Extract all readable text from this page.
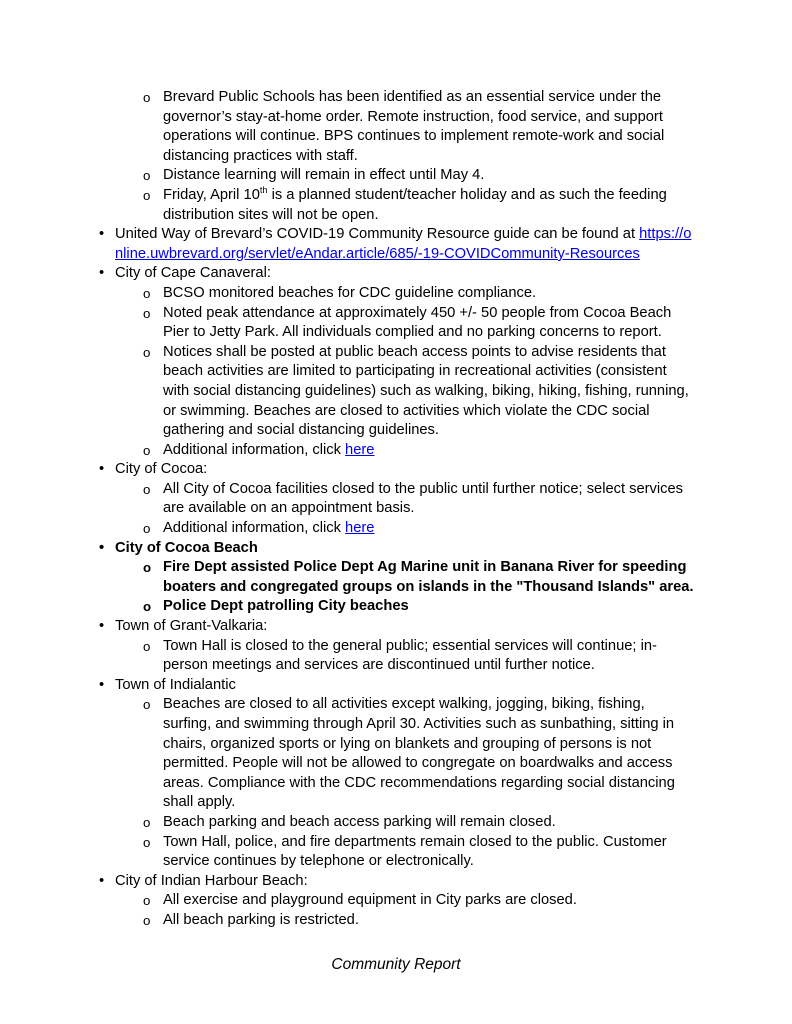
o Brevard Public Schools has been identified as an essential service under the governor’s stay-at-home order. Remote instruction, food service, and support operations will continue. BPS continues to implement remote-work and social distancing practices with staff.
o Distance learning will remain in effect until May 4.
o Friday, April 10th is a planned student/teacher holiday and as such the feeding distribution sites will not be open.
• United Way of Brevard’s COVID-19 Community Resource guide can be found at https://online.uwbrevard.org/servlet/eAndar.article/685/-19-COVIDCommunity-Resources
• City of Cape Canaveral:
o BCSO monitored beaches for CDC guideline compliance.
o Noted peak attendance at approximately 450 +/- 50 people from Cocoa Beach Pier to Jetty Park. All individuals complied and no parking concerns to report.
o Notices shall be posted at public beach access points to advise residents that beach activities are limited to participating in recreational activities (consistent with social distancing guidelines) such as walking, biking, hiking, fishing, running, or swimming. Beaches are closed to activities which violate the CDC social gathering and social distancing guidelines.
o Additional information, click here
• City of Cocoa:
o All City of Cocoa facilities closed to the public until further notice; select services are available on an appointment basis.
o Additional information, click here
• City of Cocoa Beach
o Fire Dept assisted Police Dept Ag Marine unit in Banana River for speeding boaters and congregated groups on islands in the "Thousand Islands" area.
o Police Dept patrolling City beaches
• Town of Grant-Valkaria:
o Town Hall is closed to the general public; essential services will continue; in-person meetings and services are discontinued until further notice.
• Town of Indialantic
o Beaches are closed to all activities except walking, jogging, biking, fishing, surfing, and swimming through April 30. Activities such as sunbathing, sitting in chairs, organized sports or lying on blankets and grouping of persons is not permitted. People will not be allowed to congregate on boardwalks and access areas. Compliance with the CDC recommendations regarding social distancing shall apply.
o Beach parking and beach access parking will remain closed.
o Town Hall, police, and fire departments remain closed to the public. Customer service continues by telephone or electronically.
• City of Indian Harbour Beach:
o All exercise and playground equipment in City parks are closed.
o All beach parking is restricted.
Community Report
